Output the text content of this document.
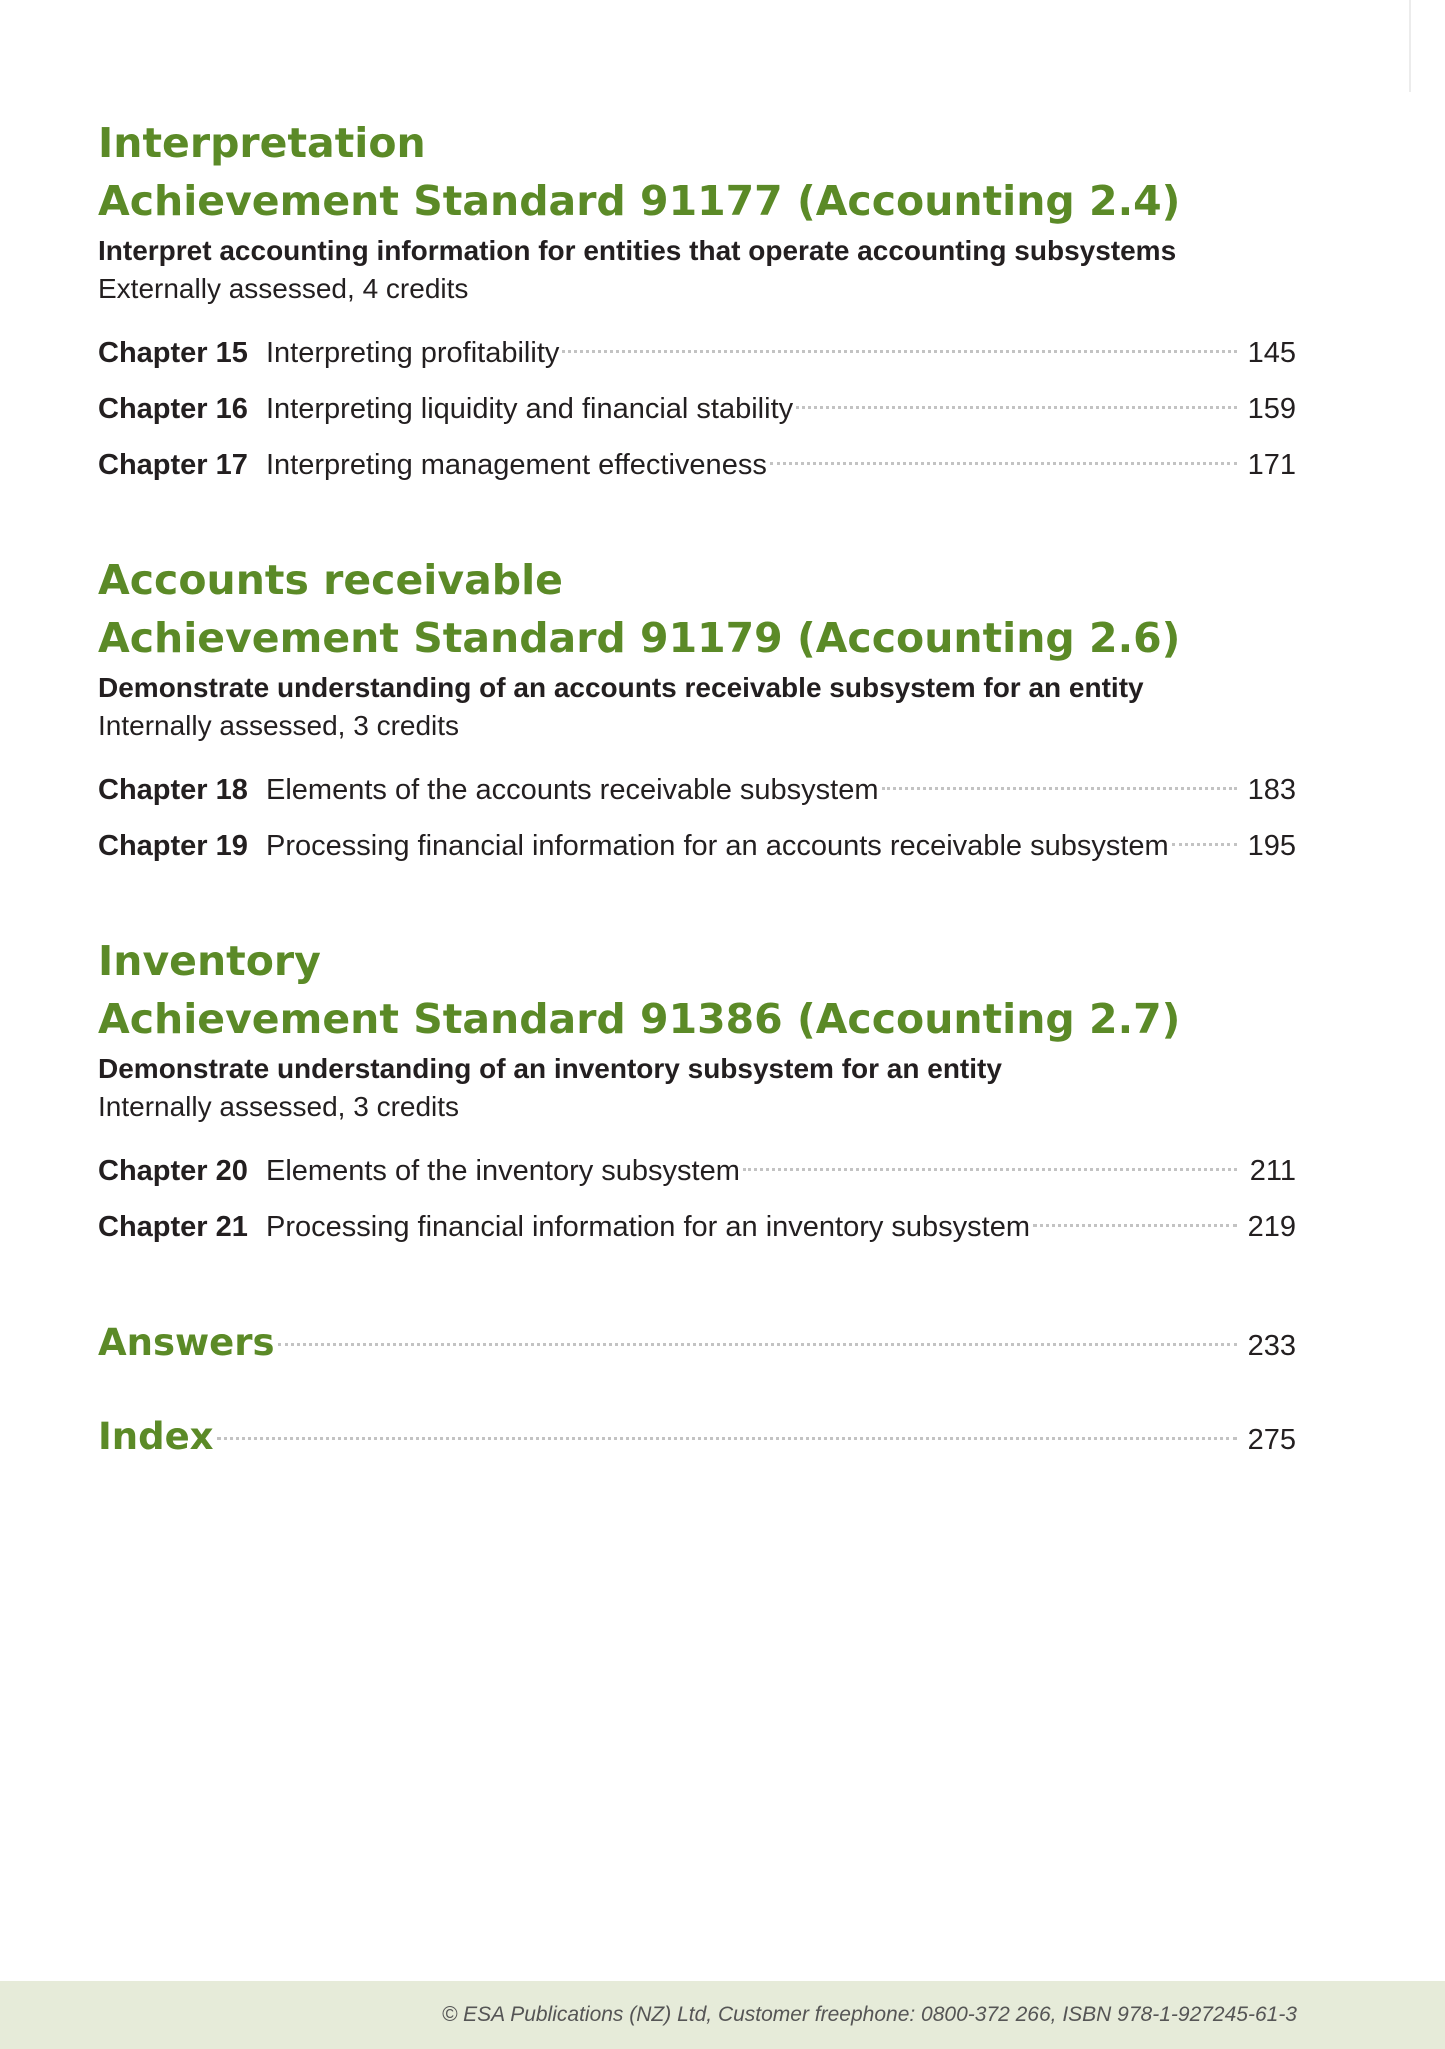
Interpretation
Achievement Standard 91177 (Accounting 2.4)
Interpret accounting information for entities that operate accounting subsystems
Externally assessed, 4 credits
Chapter 15 Interpreting profitability	145
Chapter 16 Interpreting liquidity and financial stability	159
Chapter 17 Interpreting management effectiveness	171
Accounts receivable
Achievement Standard 91179 (Accounting 2.6)
Demonstrate understanding of an accounts receivable subsystem for an entity
Internally assessed, 3 credits
Chapter 18 Elements of the accounts receivable subsystem	183
Chapter 19 Processing financial information for an accounts receivable subsystem	195
Inventory
Achievement Standard 91386 (Accounting 2.7)
Demonstrate understanding of an inventory subsystem for an entity
Internally assessed, 3 credits
Chapter 20 Elements of the inventory subsystem	211
Chapter 21 Processing financial information for an inventory subsystem	219
Answers	233
Index	275
© ESA Publications (NZ) Ltd, Customer freephone: 0800-372 266, ISBN 978-1-927245-61-3
